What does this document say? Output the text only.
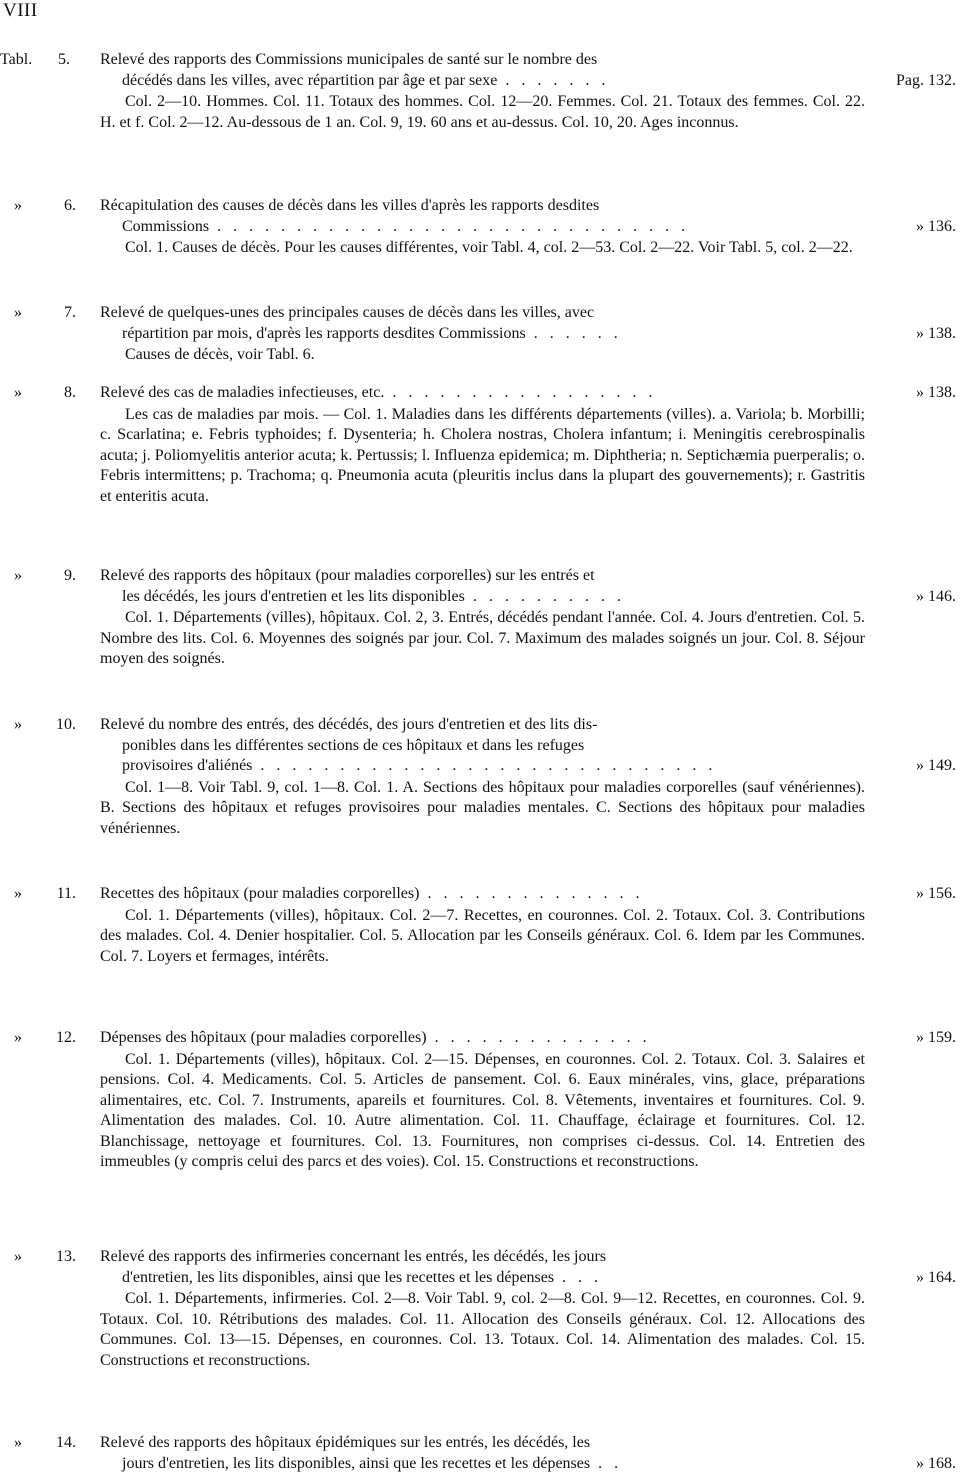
VIII
Tabl. 5. Relevé des rapports des Commissions municipales de santé sur le nombre des
décédés dans les villes, avec répartition par âge et par sexe . . . . . . .	Pag. 132.
Col. 2—10. Hommes. Col. 11. Totaux des hommes. Col. 12—20. Femmes. Col. 21. Totaux des femmes. Col. 22. H. et f. Col. 2—12. Au-dessous de 1 an. Col. 9, 19. 60 ans et au-dessus. Col. 10, 20. Ages inconnus.
»	6. Récapitulation des causes de décès dans les villes d'après les rapports desdites
Commissions . . . . . . . . . . . . . . . . . . . . . . . . . . . . . .	» 136.
Col. 1. Causes de décès. Pour les causes différentes, voir Tabl. 4, col. 2—53. Col. 2—22. Voir Tabl. 5, col. 2—22.
»	7. Relevé de quelques-unes des principales causes de décès dans les villes, avec
répartition par mois, d'après les rapports desdites Commissions . . . . . .	» 138.
Causes de décès, voir Tabl. 6.
»	8. Relevé des cas de maladies infectieuses, etc. . . . . . . . . . . . . . . . . .	» 138.
Les cas de maladies par mois. — Col. 1. Maladies dans les différents départements (villes). a. Variola; b. Morbilli; c. Scarlatina; e. Febris typhoides; f. Dysenteria; h. Cholera nostras, Cholera infantum; i. Meningitis cerebrospinalis acuta; j. Poliomyelitis anterior acuta; k. Pertussis; l. Influenza epidemica; m. Diphtheria; n. Septichæmia puerperalis; o. Febris intermittens; p. Trachoma; q. Pneumonia acuta (pleuritis inclus dans la plupart des gouvernements); r. Gastritis et enteritis acuta.
»	9. Relevé des rapports des hôpitaux (pour maladies corporelles) sur les entrés et
les décédés, les jours d'entretien et les lits disponibles . . . . . . . . . .	» 146.
Col. 1. Départements (villes), hôpitaux. Col. 2, 3. Entrés, décédés pendant l'année. Col. 4. Jours d'entretien. Col. 5. Nombre des lits. Col. 6. Moyennes des soignés par jour. Col. 7. Maximum des malades soignés un jour. Col. 8. Séjour moyen des soignés.
» 10. Relevé du nombre des entrés, des décédés, des jours d'entretien et des lits dis-
ponibles dans les différentes sections de ces hôpitaux et dans les refuges
provisoires d'aliénés . . . . . . . . . . . . . . . . . . . . . . . . . . . . .	» 149.
Col. 1—8. Voir Tabl. 9, col. 1—8. Col. 1. A. Sections des hôpitaux pour maladies corporelles (sauf vénériennes). B. Sections des hôpitaux et refuges provisoires pour maladies mentales. C. Sections des hôpitaux pour maladies vénériennes.
» 11. Recettes des hôpitaux (pour maladies corporelles) . . . . . . . . . . . . . .	» 156.
Col. 1. Départements (villes), hôpitaux. Col. 2—7. Recettes, en couronnes. Col. 2. Totaux. Col. 3. Contributions des malades. Col. 4. Denier hospitalier. Col. 5. Allocation par les Conseils généraux. Col. 6. Idem par les Communes. Col. 7. Loyers et fermages, intérêts.
» 12. Dépenses des hôpitaux (pour maladies corporelles) . . . . . . . . . . . . . .	» 159.
Col. 1. Départements (villes), hôpitaux. Col. 2—15. Dépenses, en couronnes. Col. 2. Totaux. Col. 3. Salaires et pensions. Col. 4. Medicaments. Col. 5. Articles de pansement. Col. 6. Eaux minérales, vins, glace, préparations alimentaires, etc. Col. 7. Instruments, apareils et fournitures. Col. 8. Vêtements, inventaires et fournitures. Col. 9. Alimentation des malades. Col. 10. Autre alimentation. Col. 11. Chauffage, éclairage et fournitures. Col. 12. Blanchissage, nettoyage et fournitures. Col. 13. Fournitures, non comprises ci-dessus. Col. 14. Entretien des immeubles (y compris celui des parcs et des voies). Col. 15. Constructions et reconstructions.
» 13. Relevé des rapports des infirmeries concernant les entrés, les décédés, les jours
d'entretien, les lits disponibles, ainsi que les recettes et les dépenses . . .	» 164.
Col. 1. Départements, infirmeries. Col. 2—8. Voir Tabl. 9, col. 2—8. Col. 9—12. Recettes, en couronnes. Col. 9. Totaux. Col. 10. Rétributions des malades. Col. 11. Allocation des Conseils généraux. Col. 12. Allocations des Communes. Col. 13—15. Dépenses, en couronnes. Col. 13. Totaux. Col. 14. Alimentation des malades. Col. 15. Constructions et reconstructions.
» 14. Relevé des rapports des hôpitaux épidémiques sur les entrés, les décédés, les
jours d'entretien, les lits disponibles, ainsi que les recettes et les dépenses . .	» 168.
